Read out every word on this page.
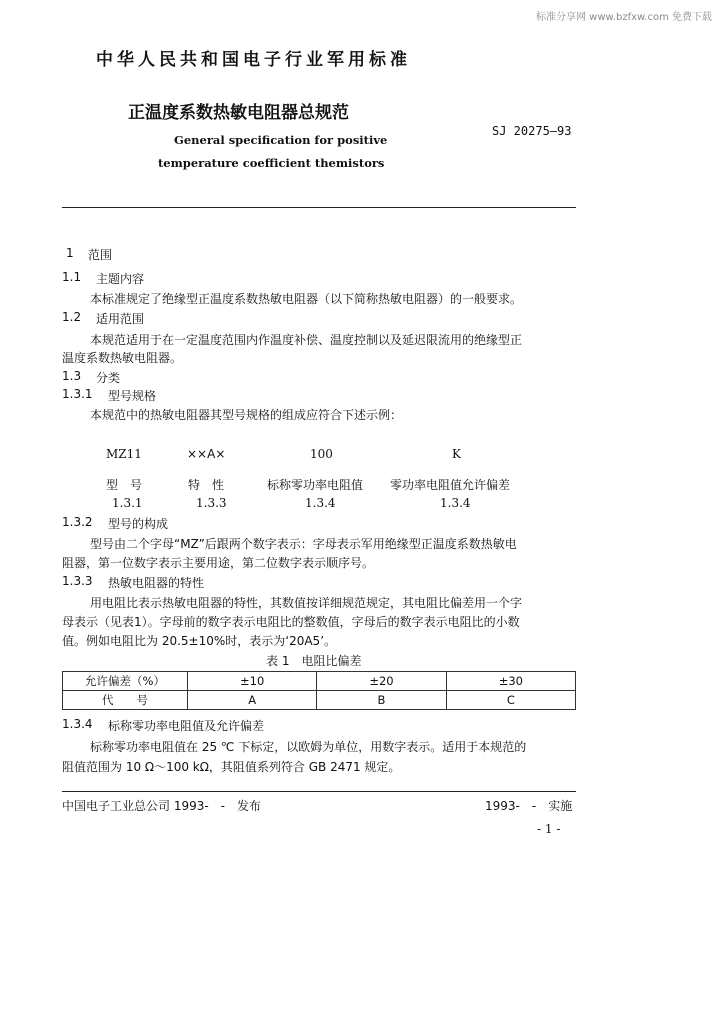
标准分享网 www.bzfxw.com 免费下载
中华人民共和国电子行业军用标准
正温度系数热敏电阻器总规范
SJ 20275—93
General specification for positive
temperature coefficient themistors
1 范围
1.1 主题内容
本标准规定了绝缘型正温度系数热敏电阻器（以下简称热敏电阻器）的一般要求。
1.2 适用范围
本规范适用于在一定温度范围内作温度补偿、温度控制以及延迟限流用的绝缘型正
温度系数热敏电阻器。
1.3 分类
1.3.1 型号规格
本规范中的热敏电阻器其型号规格的组成应符合下述示例：
MZ11	××A×	100	K
型　号	特　性	标称零功率电阻值 零功率电阻值允许偏差
1.3.1	1.3.3	1.3.4	1.3.4
1.3.2 型号的构成
型号由二个字母“MZ”后跟两个数字表示：字母表示军用绝缘型正温度系数热敏电
阻器，第一位数字表示主要用途，第二位数字表示顺序号。
1.3.3 热敏电阻器的特性
用电阻比表示热敏电阻器的特性，其数值按详细规范规定，其电阻比偏差用一个字
母表示（见表1）。字母前的数字表示电阻比的整数值，字母后的数字表示电阻比的小数
值。例如电阻比为 20.5±10%时，表示为‘20A5’。
表 1　电阻比偏差
允许偏差（%）	±10	±20	±30
代　　号	A	B	C
1.3.4 标称零功率电阻值及允许偏差
标称零功率电阻值在 25 ℃ 下标定，以欧姆为单位，用数字表示。适用于本规范的
阻值范围为 10 Ω～100 kΩ，其阻值系列符合 GB 2471 规定。
中国电子工业总公司 1993-　-　发布	1993-　-　实施
- 1 -
